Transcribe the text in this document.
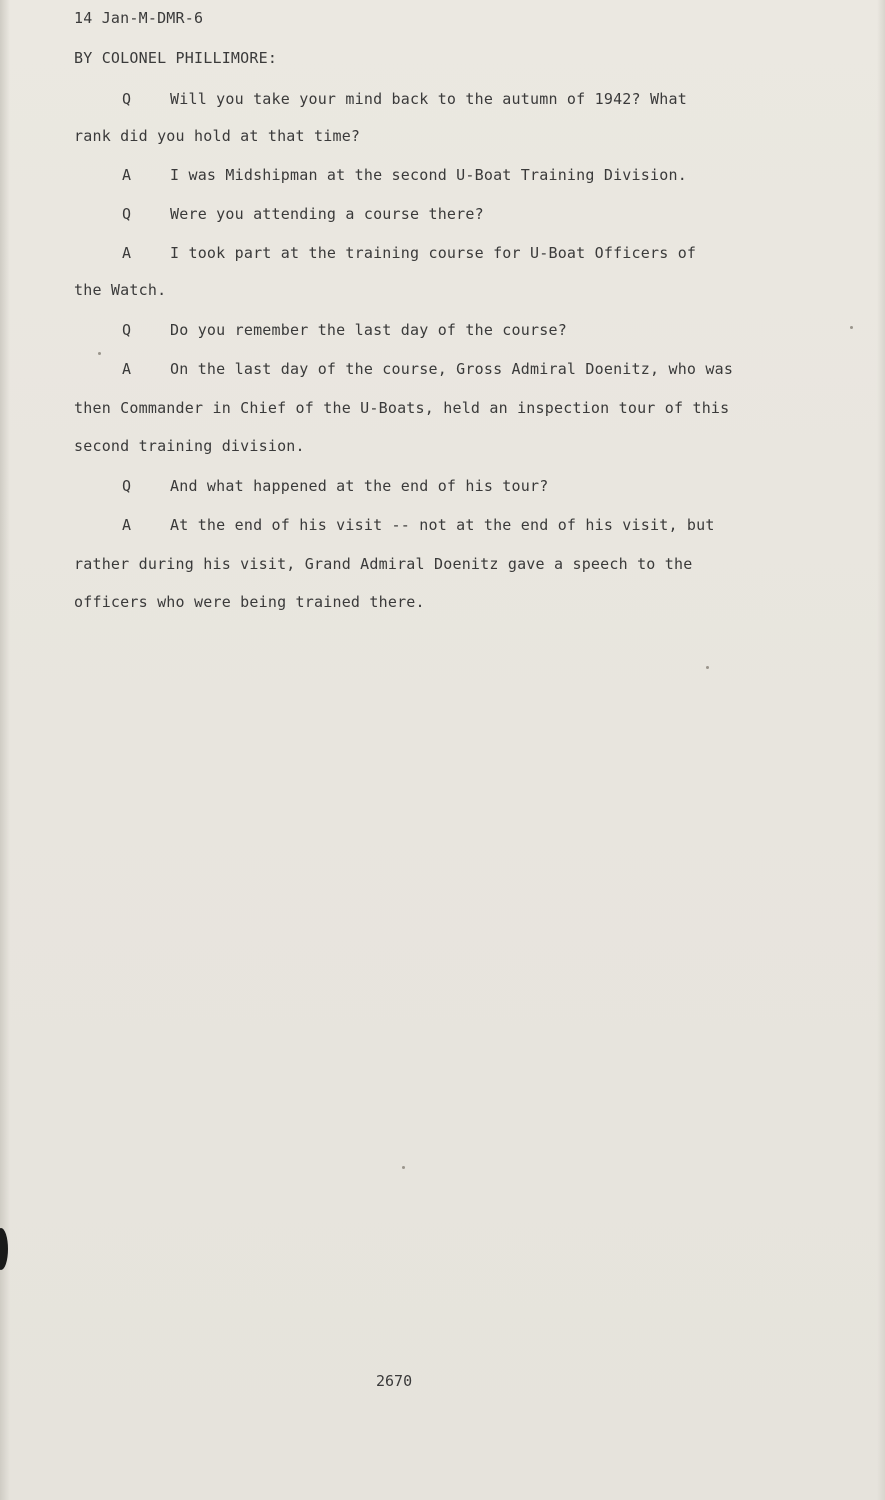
14 Jan-M-DMR-6
BY COLONEL PHILLIMORE:
Q	Will you take your mind back to the autumn of 1942? What
rank did you hold at that time?
A	I was Midshipman at the second U-Boat Training Division.
Q	Were you attending a course there?
A	I took part at the training course for U-Boat Officers of
the Watch.
Q	Do you remember the last day of the course?
A	On the last day of the course, Gross Admiral Doenitz, who was
then Commander in Chief of the U-Boats, held an inspection tour of this
second training division.
Q	And what happened at the end of his tour?
A	At the end of his visit -- not at the end of his visit, but
rather during his visit, Grand Admiral Doenitz gave a speech to the
officers who were being trained there.
2670
